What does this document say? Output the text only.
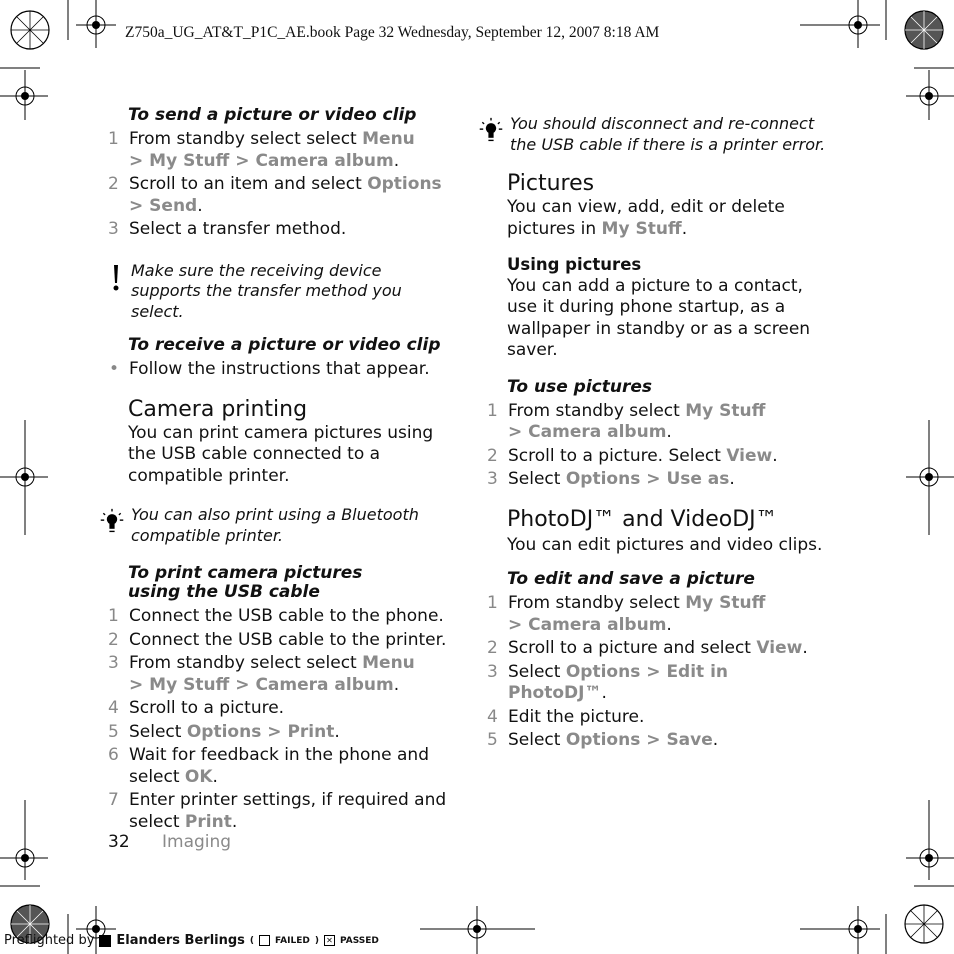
Z750a_UG_AT&T_P1C_AE.book Page 32 Wednesday, September 12, 2007 8:18 AM
To send a picture or video clip
1 From standby select select Menu
> My Stuff > Camera album.
2 Scroll to an item and select Options
> Send.
3 Select a transfer method.
Make sure the receiving device supports the transfer method you select.
To receive a picture or video clip
• Follow the instructions that appear.
Camera printing
You can print camera pictures using the USB cable connected to a compatible printer.
You can also print using a Bluetooth compatible printer.
To print camera pictures using the USB cable
1 Connect the USB cable to the phone.
2 Connect the USB cable to the printer.
3 From standby select select Menu
> My Stuff > Camera album.
4 Scroll to a picture.
5 Select Options > Print.
6 Wait for feedback in the phone and select OK.
7 Enter printer settings, if required and select Print.
You should disconnect and re-connect the USB cable if there is a printer error.
Pictures
You can view, add, edit or delete pictures in My Stuff.
Using pictures
You can add a picture to a contact, use it during phone startup, as a wallpaper in standby or as a screen saver.
To use pictures
1 From standby select My Stuff
> Camera album.
2 Scroll to a picture. Select View.
3 Select Options > Use as.
PhotoDJ™ and VideoDJ™
You can edit pictures and video clips.
To edit and save a picture
1 From standby select My Stuff
> Camera album.
2 Scroll to a picture and select View.
3 Select Options > Edit in PhotoDJ™.
4 Edit the picture.
5 Select Options > Save.
32 Imaging
Preflighted by Elanders Berlings ( FAILED ) ✕ PASSED
